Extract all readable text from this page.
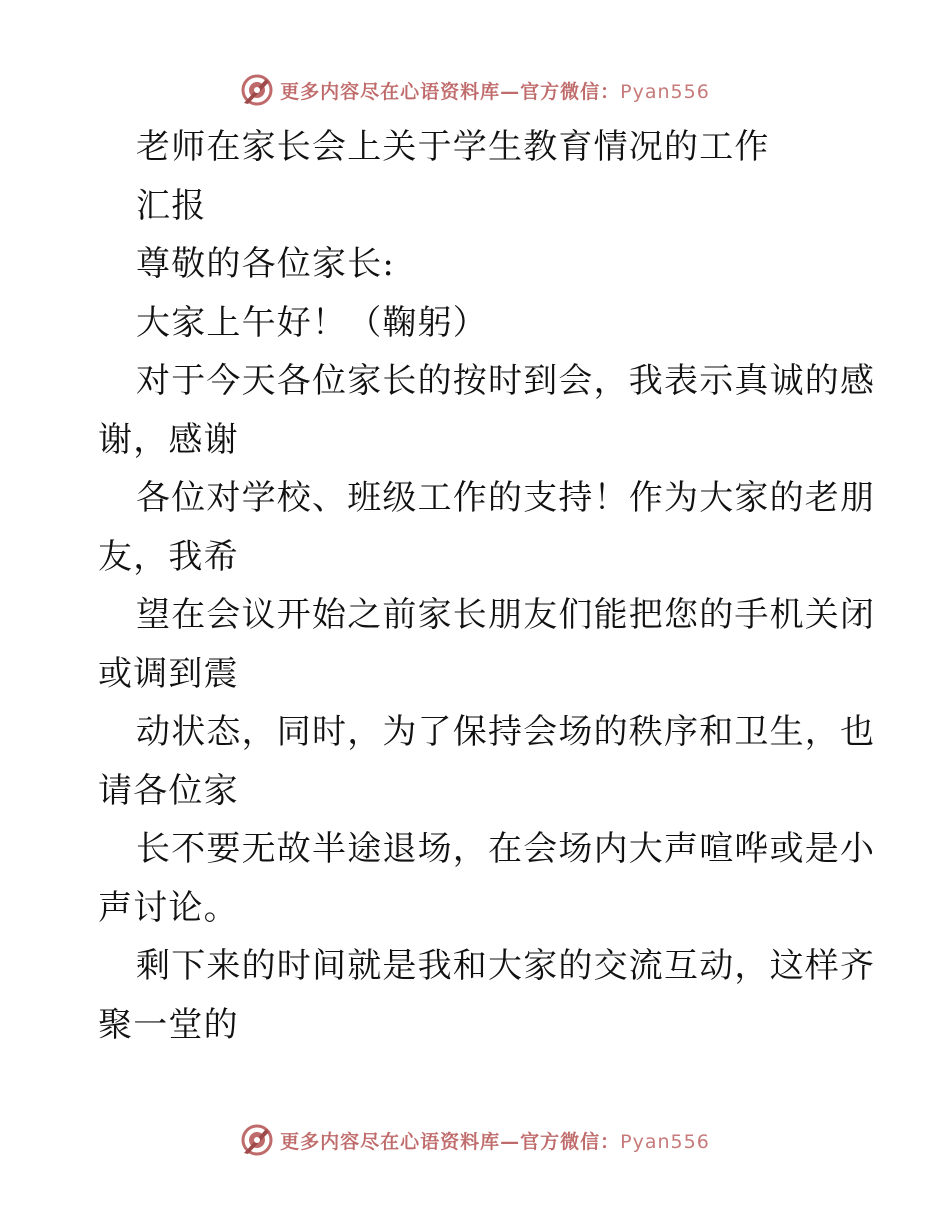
更多内容尽在心语资料库—官方微信：Pyan556
老师在家长会上关于学生教育情况的工作
汇报
尊敬的各位家长:
大家上午好！（鞠躬）
对于今天各位家长的按时到会，我表示真诚的感
谢，感谢
各位对学校、班级工作的支持！作为大家的老朋
友，我希
望在会议开始之前家长朋友们能把您的手机关闭
或调到震
动状态，同时，为了保持会场的秩序和卫生，也
请各位家
长不要无故半途退场，在会场内大声喧哗或是小
声讨论。
剩下来的时间就是我和大家的交流互动，这样齐
聚一堂的
更多内容尽在心语资料库—官方微信：Pyan556
